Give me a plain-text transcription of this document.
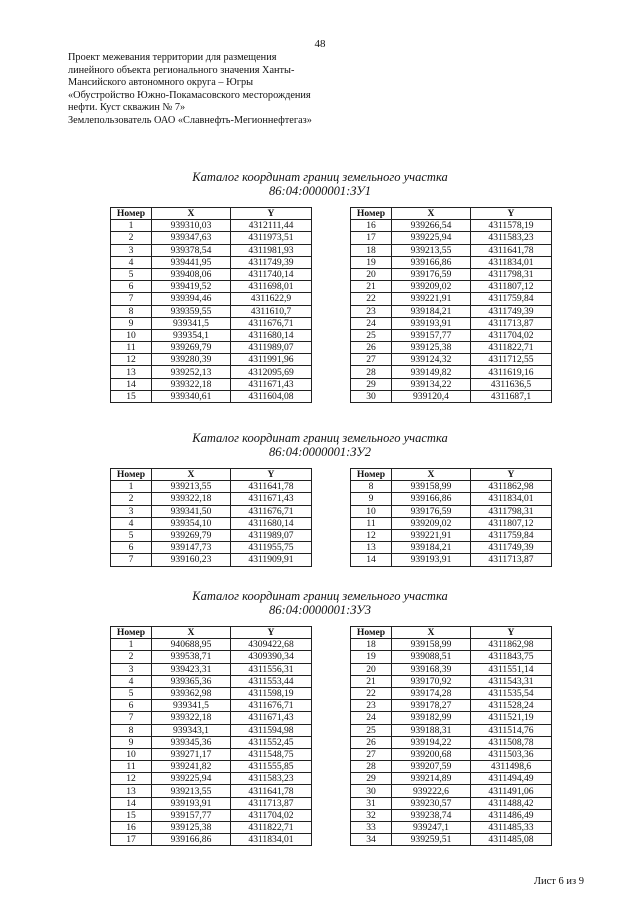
48
Проект межевания территории для размещения
линейного объекта регионального значения Ханты-
Мансийского автономного округа – Югры
«Обустройство Южно-Покамасовского месторождения
нефти. Куст скважин № 7»
Землепользователь ОАО «Славнефть-Мегионнефтегаз»
Каталог координат границ земельного участка
86:04:0000001:ЗУ1
Номер	X	Y
1	939310,03	4312111,44
2	939347,63	4311973,51
3	939378,54	4311981,93
4	939441,95	4311749,39
5	939408,06	4311740,14
6	939419,52	4311698,01
7	939394,46	4311622,9
8	939359,55	4311610,7
9	939341,5	4311676,71
10	939354,1	4311680,14
11	939269,79	4311989,07
12	939280,39	4311991,96
13	939252,13	4312095,69
14	939322,18	4311671,43
15	939340,61	4311604,08
Номер	X	Y
16	939266,54	4311578,19
17	939225,94	4311583,23
18	939213,55	4311641,78
19	939166,86	4311834,01
20	939176,59	4311798,31
21	939209,02	4311807,12
22	939221,91	4311759,84
23	939184,21	4311749,39
24	939193,91	4311713,87
25	939157,77	4311704,02
26	939125,38	4311822,71
27	939124,32	4311712,55
28	939149,82	4311619,16
29	939134,22	4311636,5
30	939120,4	4311687,1
Каталог координат границ земельного участка
86:04:0000001:ЗУ2
Номер	X	Y
1	939213,55	4311641,78
2	939322,18	4311671,43
3	939341,50	4311676,71
4	939354,10	4311680,14
5	939269,79	4311989,07
6	939147,73	4311955,75
7	939160,23	4311909,91
Номер	X	Y
8	939158,99	4311862,98
9	939166,86	4311834,01
10	939176,59	4311798,31
11	939209,02	4311807,12
12	939221,91	4311759,84
13	939184,21	4311749,39
14	939193,91	4311713,87
Каталог координат границ земельного участка
86:04:0000001:ЗУ3
Номер	X	Y
1	940688,95	4309422,68
2	939538,71	4309390,34
3	939423,31	4311556,31
4	939365,36	4311553,44
5	939362,98	4311598,19
6	939341,5	4311676,71
7	939322,18	4311671,43
8	939343,1	4311594,98
9	939345,36	4311552,45
10	939271,17	4311548,75
11	939241,82	4311555,85
12	939225,94	4311583,23
13	939213,55	4311641,78
14	939193,91	4311713,87
15	939157,77	4311704,02
16	939125,38	4311822,71
17	939166,86	4311834,01
Номер	X	Y
18	939158,99	4311862,98
19	939088,51	4311843,75
20	939168,39	4311551,14
21	939170,92	4311543,31
22	939174,28	4311535,54
23	939178,27	4311528,24
24	939182,99	4311521,19
25	939188,31	4311514,76
26	939194,22	4311508,78
27	939200,68	4311503,36
28	939207,59	4311498,6
29	939214,89	4311494,49
30	939222,6	4311491,06
31	939230,57	4311488,42
32	939238,74	4311486,49
33	939247,1	4311485,33
34	939259,51	4311485,08
Лист 6 из 9
